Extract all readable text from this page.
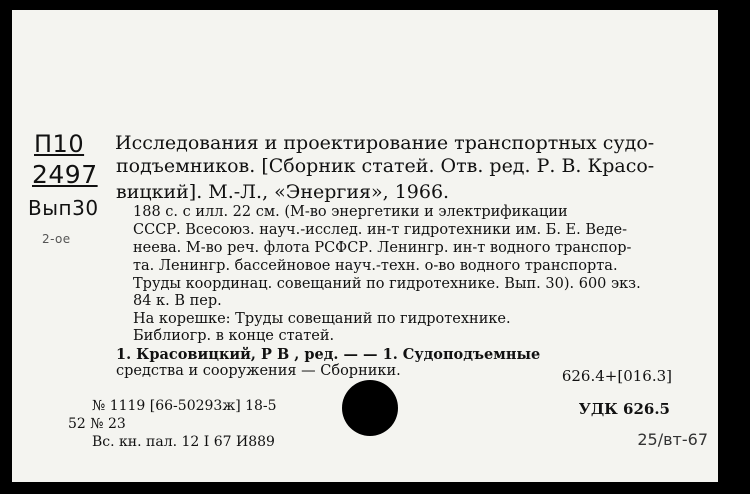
П10
2497
Вып30
2-ое
Исследования и проектирование транспортных судо-
подъемников. [Сборник статей. Отв. ред. Р. В. Красо-
вицкий]. М.-Л., «Энергия», 1966.
188 с. с илл. 22 см. (М-во энергетики и электрификации
СССР. Всесоюз. науч.-исслед. ин-т гидротехники им. Б. Е. Веде-
неева. М-во реч. флота РСФСР. Ленингр. ин-т водного транспор-
та. Ленингр. бассейновое науч.-техн. о-во водного транспорта.
Труды координац. совещаний по гидротехнике. Вып. 30). 600 экз.
84 к. В пер.
На корешке: Труды совещаний по гидротехнике.
Библиогр. в конце статей.
1. Красовицкий, Р В , ред. — — 1. Судоподъемные
средства и сооружения — Сборники.	626.4+[016.3]
№ 1119 [66-50293ж] 18-5
52 № 23
Вс. кн. пал. 12 I 67 И889
УДК 626.5
25/вт-67
